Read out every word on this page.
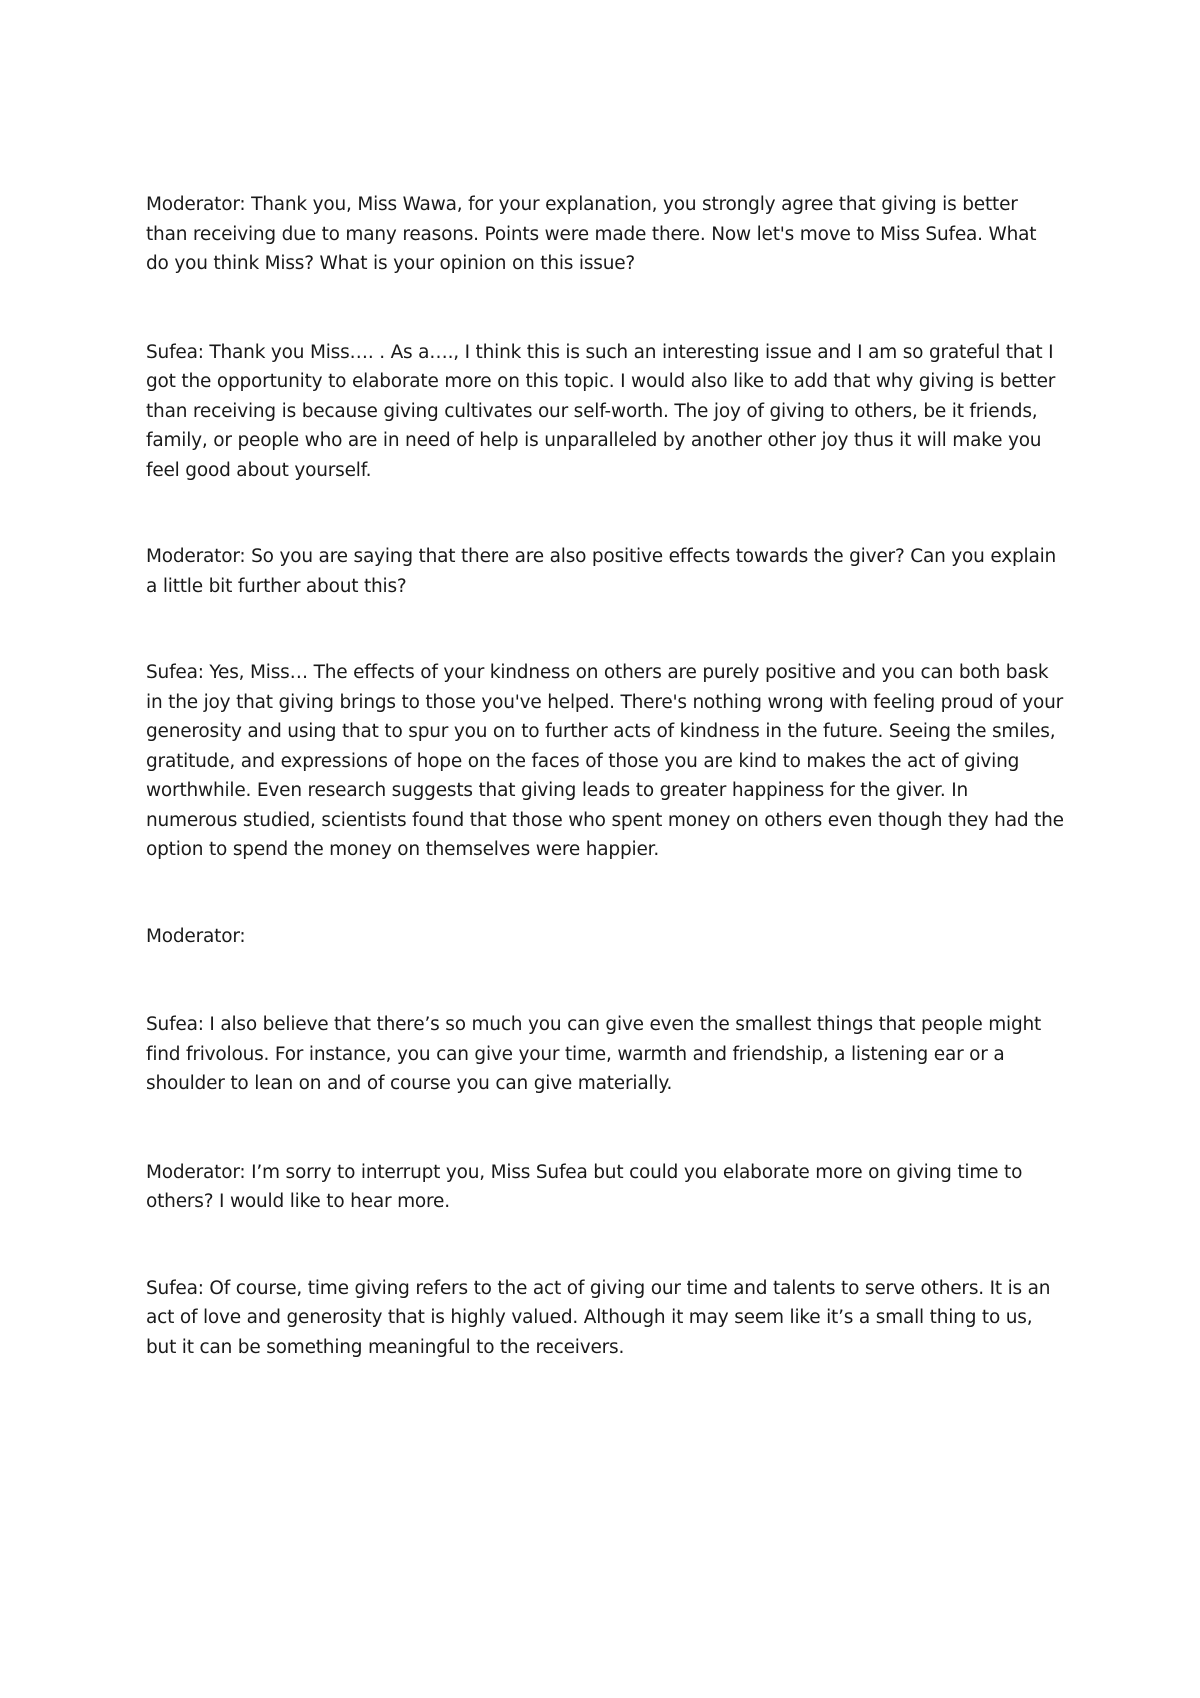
Moderator: Thank you, Miss Wawa, for your explanation, you strongly agree that giving is better than receiving due to many reasons. Points were made there. Now let's move to Miss Sufea. What do you think Miss? What is your opinion on this issue?

Sufea: Thank you Miss…. . As a…., I think this is such an interesting issue and I am so grateful that I got the opportunity to elaborate more on this topic. I would also like to add that why giving is better than receiving is because giving cultivates our self-worth. The joy of giving to others, be it friends, family, or people who are in need of help is unparalleled by another other joy thus it will make you feel good about yourself.

Moderator: So you are saying that there are also positive effects towards the giver? Can you explain a little bit further about this?

Sufea: Yes, Miss… The effects of your kindness on others are purely positive and you can both bask in the joy that giving brings to those you've helped. There's nothing wrong with feeling proud of your generosity and using that to spur you on to further acts of kindness in the future. Seeing the smiles, gratitude, and expressions of hope on the faces of those you are kind to makes the act of giving worthwhile. Even research suggests that giving leads to greater happiness for the giver. In numerous studied, scientists found that those who spent money on others even though they had the option to spend the money on themselves were happier.

Moderator:

Sufea: I also believe that there’s so much you can give even the smallest things that people might find frivolous. For instance, you can give your time, warmth and friendship, a listening ear or a shoulder to lean on and of course you can give materially.

Moderator: I’m sorry to interrupt you, Miss Sufea but could you elaborate more on giving time to others? I would like to hear more.

Sufea: Of course, time giving refers to the act of giving our time and talents to serve others. It is an act of love and generosity that is highly valued. Although it may seem like it’s a small thing to us, but it can be something meaningful to the receivers.
